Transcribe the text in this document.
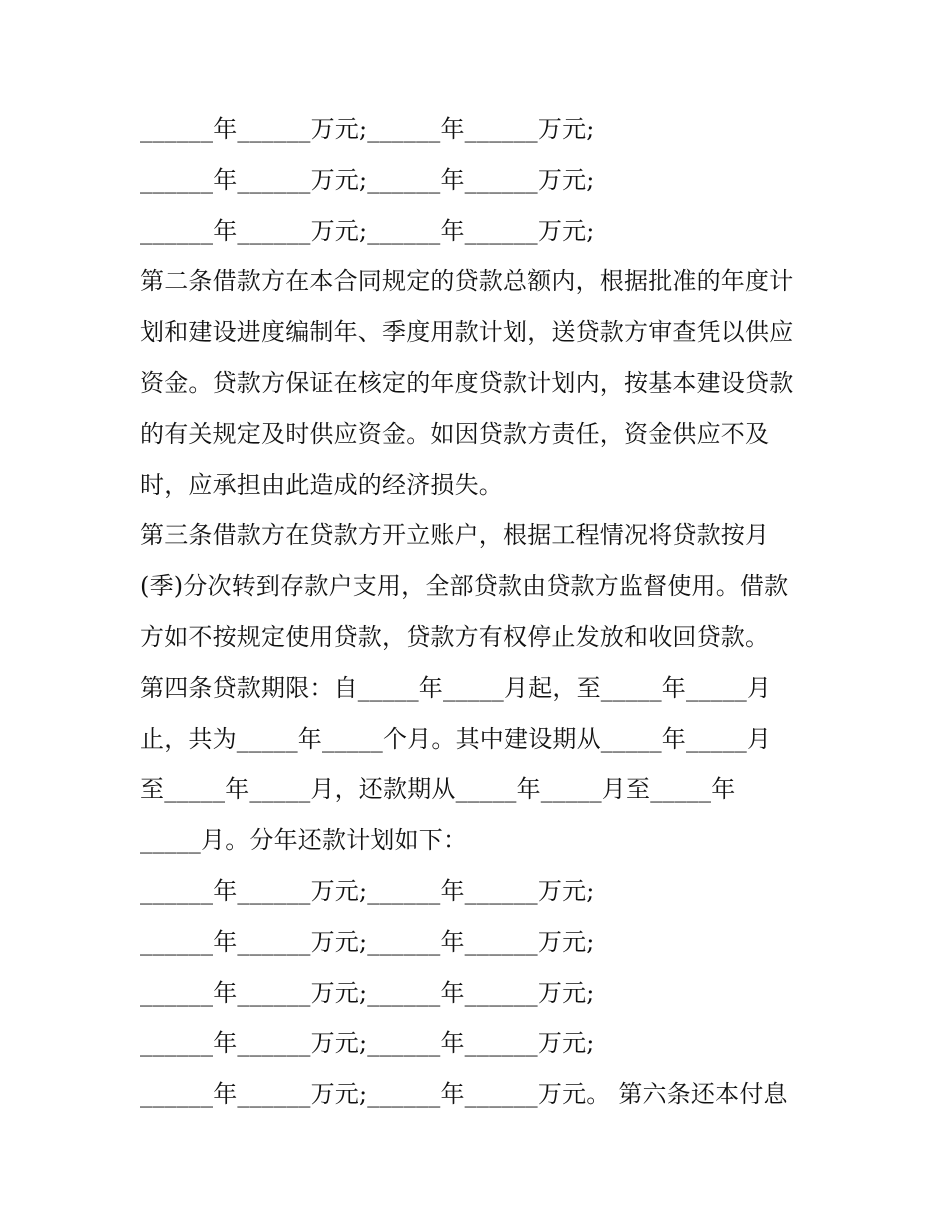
______年______万元;______年______万元;
______年______万元;______年______万元;
______年______万元;______年______万元;
第二条借款方在本合同规定的贷款总额内，根据批准的年度计
划和建设进度编制年、季度用款计划，送贷款方审查凭以供应
资金。贷款方保证在核定的年度贷款计划内，按基本建设贷款
的有关规定及时供应资金。如因贷款方责任，资金供应不及
时，应承担由此造成的经济损失。
第三条借款方在贷款方开立账户，根据工程情况将贷款按月
(季)分次转到存款户支用，全部贷款由贷款方监督使用。借款
方如不按规定使用贷款，贷款方有权停止发放和收回贷款。
第四条贷款期限：自_____年_____月起，至_____年_____月
止，共为_____年_____个月。其中建设期从_____年_____月
至_____年_____月，还款期从_____年_____月至_____年
_____月。分年还款计划如下：
______年______万元;______年______万元;
______年______万元;______年______万元;
______年______万元;______年______万元;
______年______万元;______年______万元;
______年______万元;______年______万元。 第六条还本付息
